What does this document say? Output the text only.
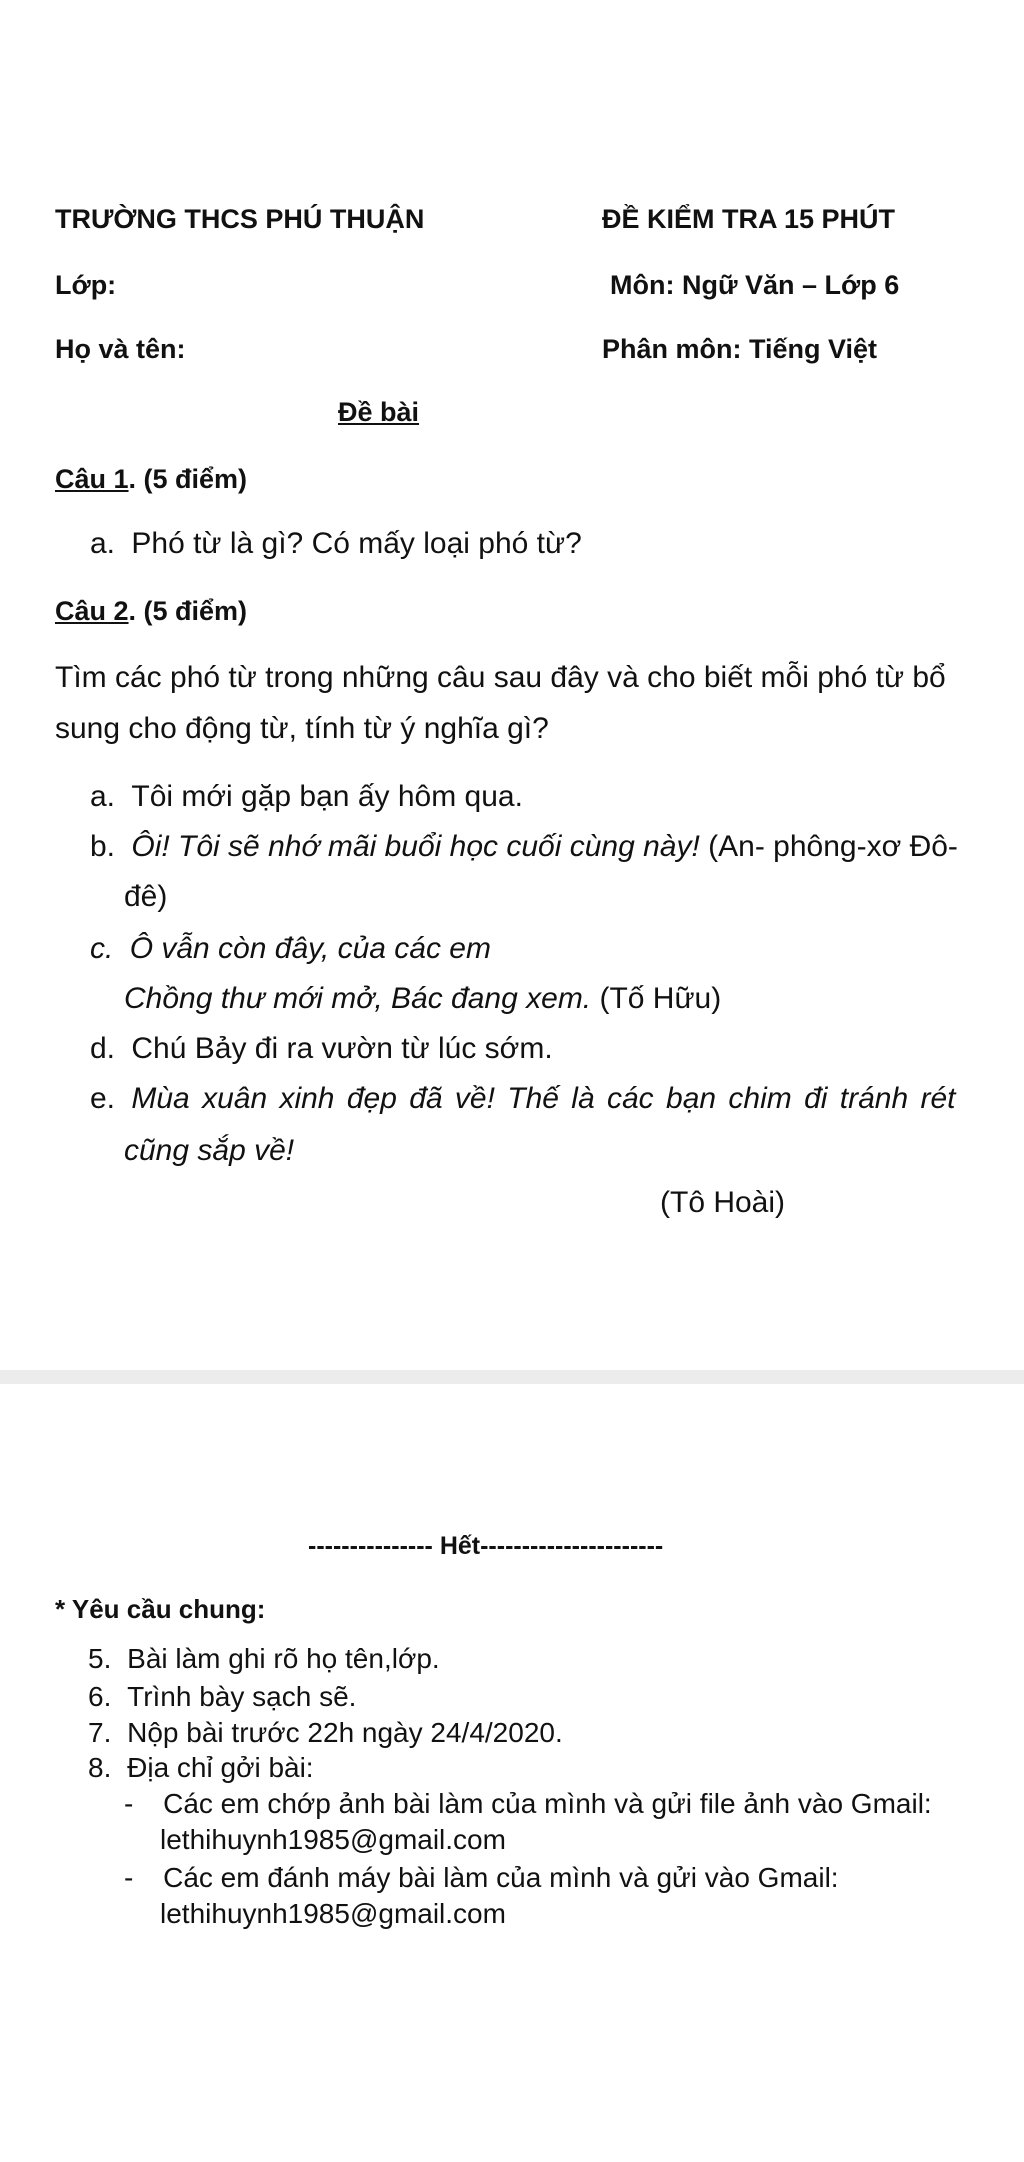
TRƯỜNG THCS PHÚ THUẬN	ĐỀ KIỂM TRA 15 PHÚT
Lớp:	Môn: Ngữ Văn – Lớp 6
Họ và tên:	Phân môn: Tiếng Việt
Đề bài
Câu 1. (5 điểm)
a. Phó từ là gì? Có mấy loại phó từ?
Câu 2. (5 điểm)
Tìm các phó từ trong những câu sau đây và cho biết mỗi phó từ bổ
sung cho động từ, tính từ ý nghĩa gì?
a. Tôi mới gặp bạn ấy hôm qua.
b. Ôi! Tôi sẽ nhớ mãi buổi học cuối cùng này! (An- phông-xơ Đô-
đê)
c. Ô vẫn còn đây, của các em
Chồng thư mới mở, Bác đang xem. (Tố Hữu)
d. Chú Bảy đi ra vườn từ lúc sớm.
e. Mùa xuân xinh đẹp đã về! Thế là các bạn chim đi tránh rét
cũng sắp về!
(Tô Hoài)
--------------- Hết----------------------
* Yêu cầu chung:
5. Bài làm ghi rõ họ tên,lớp.
6. Trình bày sạch sẽ.
7. Nộp bài trước 22h ngày 24/4/2020.
8. Địa chỉ gởi bài:
- Các em chớp ảnh bài làm của mình và gửi file ảnh vào Gmail:
lethihuynh1985@gmail.com
- Các em đánh máy bài làm của mình và gửi vào Gmail:
lethihuynh1985@gmail.com
